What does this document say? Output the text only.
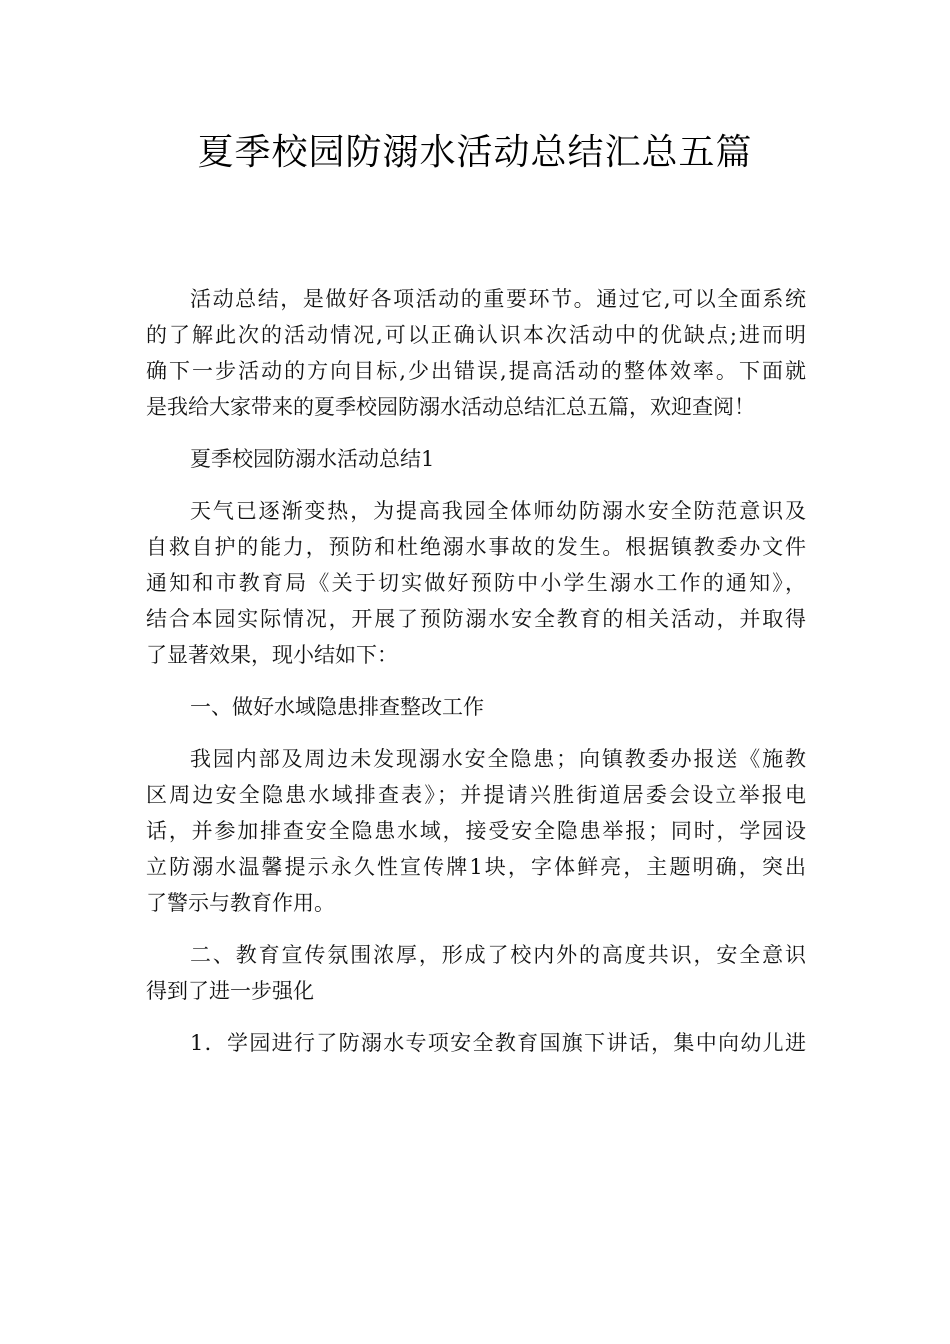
夏季校园防溺水活动总结汇总五篇
活动总结，是做好各项活动的重要环节。通过它,可以全面系统
的了解此次的活动情况,可以正确认识本次活动中的优缺点;进而明
确下一步活动的方向目标,少出错误,提高活动的整体效率。下面就
是我给大家带来的夏季校园防溺水活动总结汇总五篇，欢迎查阅！
夏季校园防溺水活动总结1
天气已逐渐变热，为提高我园全体师幼防溺水安全防范意识及
自救自护的能力，预防和杜绝溺水事故的发生。根据镇教委办文件
通知和市教育局《关于切实做好预防中小学生溺水工作的通知》，
结合本园实际情况，开展了预防溺水安全教育的相关活动，并取得
了显著效果，现小结如下：
一、做好水域隐患排查整改工作
我园内部及周边未发现溺水安全隐患；向镇教委办报送《施教
区周边安全隐患水域排查表》；并提请兴胜街道居委会设立举报电
话，并参加排查安全隐患水域，接受安全隐患举报；同时，学园设
立防溺水温馨提示永久性宣传牌1块，字体鲜亮，主题明确，突出
了警示与教育作用。
二、教育宣传氛围浓厚，形成了校内外的高度共识，安全意识
得到了进一步强化
1．学园进行了防溺水专项安全教育国旗下讲话，集中向幼儿进
